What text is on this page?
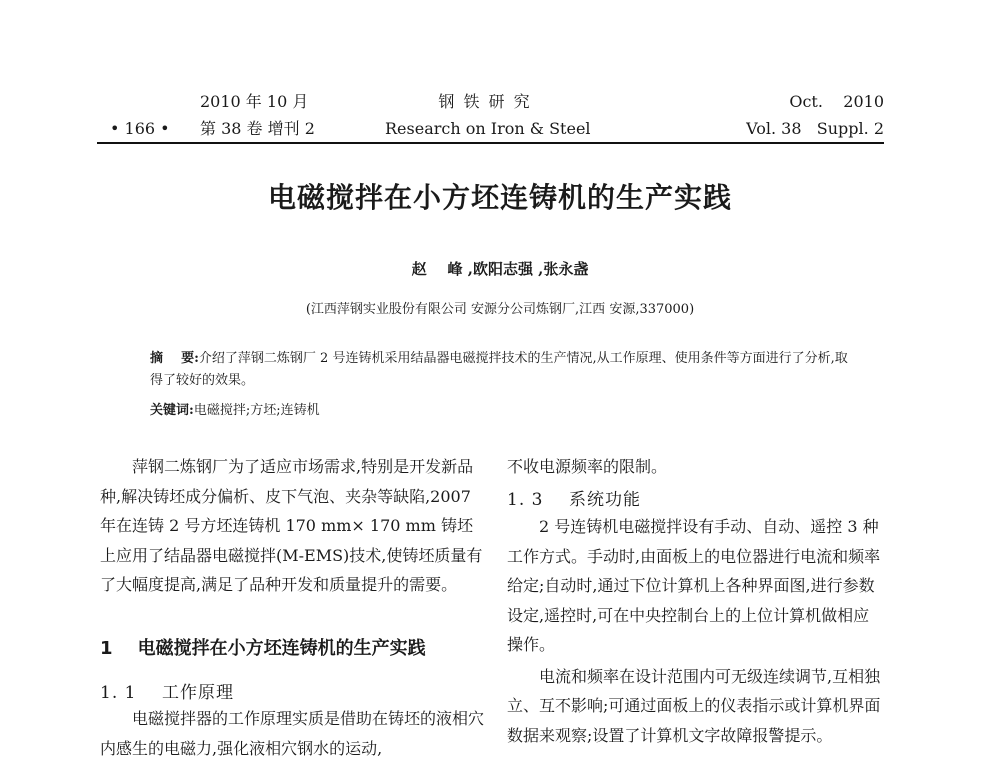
• 166 •
2010 年 10 月
第 38 卷 增刊 2
钢 铁 研 究
Research on Iron & Steel
Oct.    2010
Vol. 38   Suppl. 2
电磁搅拌在小方坯连铸机的生产实践
赵    峰 ,欧阳志强 ,张永盏
(江西萍钢实业股份有限公司 安源分公司炼钢厂,江西 安源,337000)
摘    要:介绍了萍钢二炼钢厂 2 号连铸机采用结晶器电磁搅拌技术的生产情况,从工作原理、使用条件等方面进行了分析,取得了较好的效果。
关键词:电磁搅拌;方坯;连铸机

萍钢二炼钢厂为了适应市场需求,特别是开发新品种,解决铸坯成分偏析、皮下气泡、夹杂等缺陷,2007 年在连铸 2 号方坯连铸机 170 mm× 170 mm 铸坯上应用了结晶器电磁搅拌(M-EMS)技术,使铸坯质量有了大幅度提高,满足了品种开发和质量提升的需要。

1    电磁搅拌在小方坯连铸机的生产实践
1. 1    工作原理

电磁搅拌器的工作原理实质是借助在铸坯的液相穴内感生的电磁力,强化液相穴钢水的运动,

不收电源频率的限制。

1. 3    系统功能

2 号连铸机电磁搅拌设有手动、自动、遥控 3 种工作方式。手动时,由面板上的电位器进行电流和频率给定;自动时,通过下位计算机上各种界面图,进行参数设定,遥控时,可在中央控制台上的上位计算机做相应操作。

电流和频率在设计范围内可无级连续调节,互相独立、互不影响;可通过面板上的仪表指示或计算机界面数据来观察;设置了计算机文字故障报警提示。
